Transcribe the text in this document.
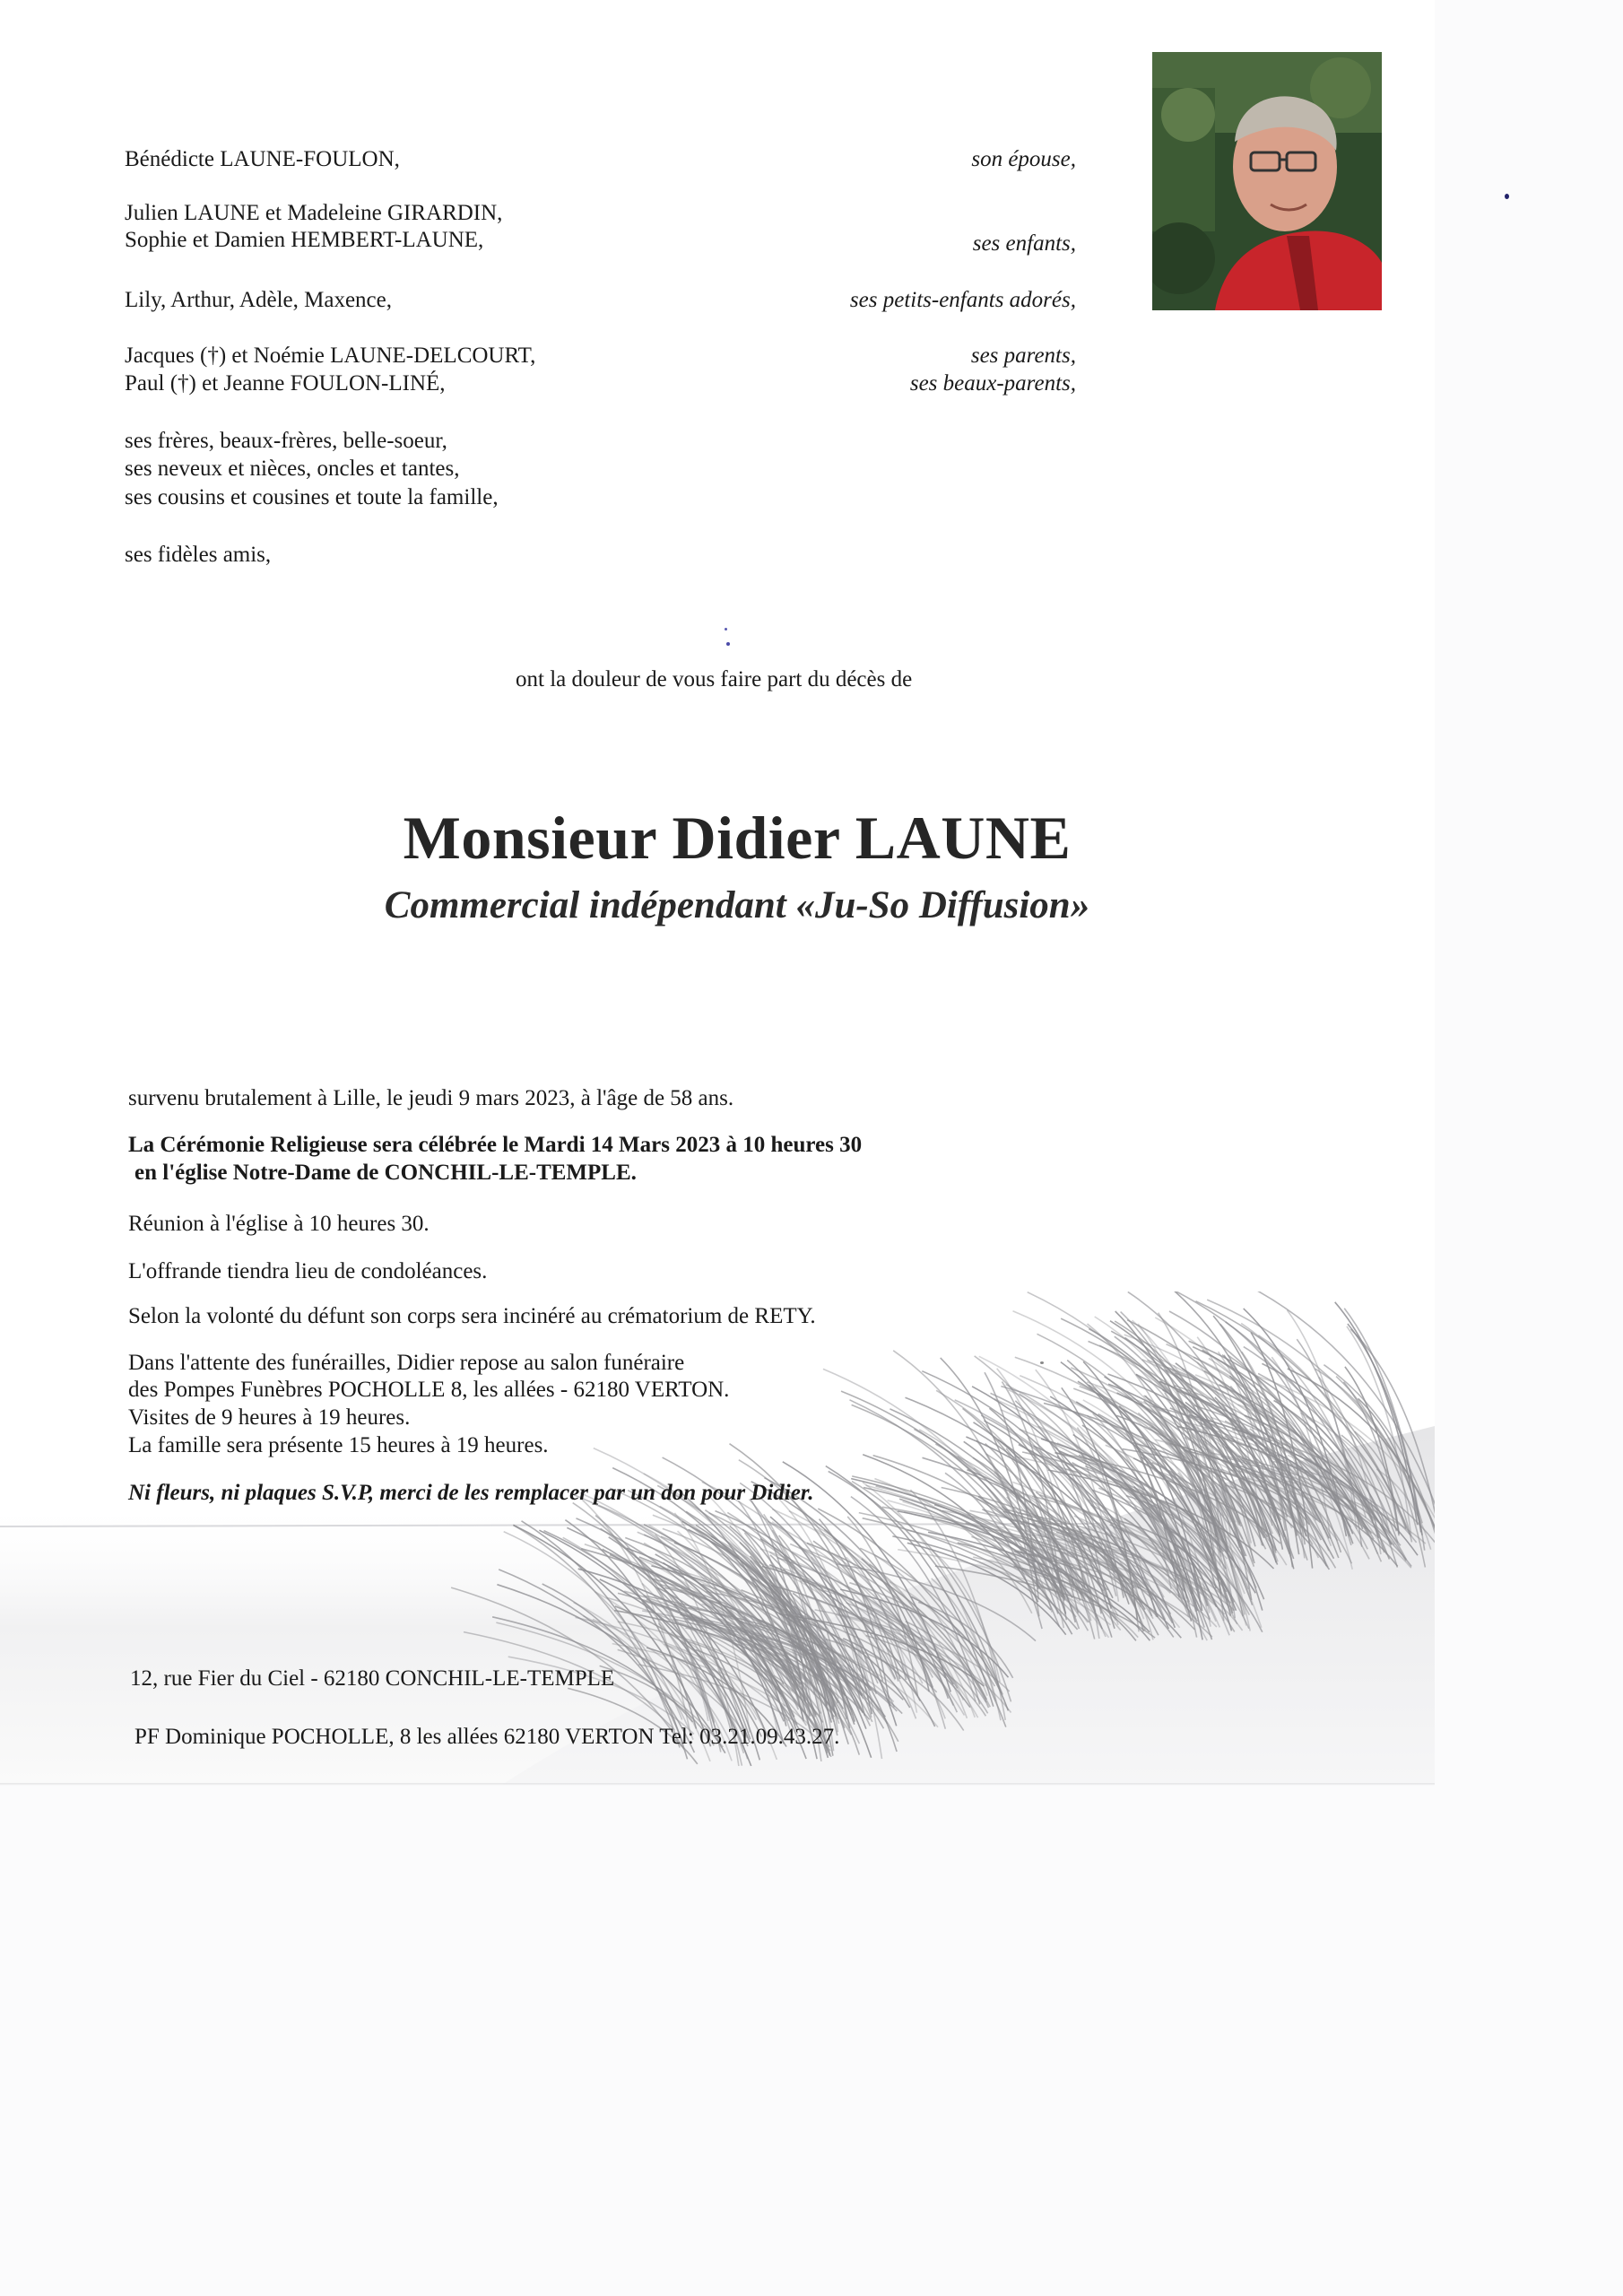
Bénédicte LAUNE-FOULON,
Julien LAUNE et Madeleine GIRARDIN,
Sophie et Damien HEMBERT-LAUNE,
Lily, Arthur, Adèle, Maxence,
Jacques (†) et Noémie LAUNE-DELCOURT,
Paul (†) et Jeanne FOULON-LINÉ,
ses frères, beaux-frères, belle-soeur,
ses neveux et nièces, oncles et tantes,
ses cousins et cousines et toute la famille,
ses fidèles amis,
son épouse,
ses enfants,
ses petits-enfants adorés,
ses parents,
ses beaux-parents,
ont la douleur de vous faire part du décès de
Monsieur Didier LAUNE
Commercial indépendant «Ju-So Diffusion»
survenu brutalement à Lille, le jeudi 9 mars 2023, à l'âge de 58 ans.
La Cérémonie Religieuse sera célébrée le Mardi 14 Mars 2023 à 10 heures 30
en l'église Notre-Dame de CONCHIL-LE-TEMPLE.
Réunion à l'église à 10 heures 30.
L'offrande tiendra lieu de condoléances.
Selon la volonté du défunt son corps sera incinéré au crématorium de RETY.
Dans l'attente des funérailles, Didier repose au salon funéraire
des Pompes Funèbres POCHOLLE 8, les allées - 62180 VERTON.
Visites de 9 heures à 19 heures.
La famille sera présente 15 heures à 19 heures.
Ni fleurs, ni plaques S.V.P, merci de les remplacer par un don pour Didier.
12, rue Fier du Ciel - 62180 CONCHIL-LE-TEMPLE
PF Dominique POCHOLLE, 8 les allées 62180 VERTON Tel: 03.21.09.43.27.
